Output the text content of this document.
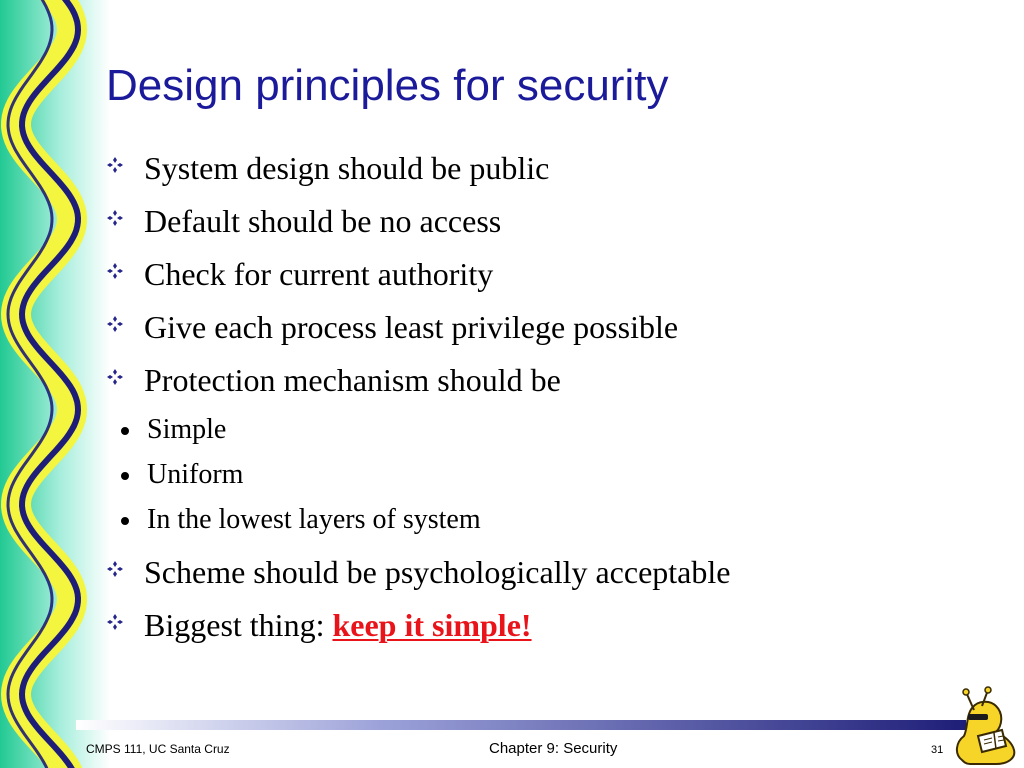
Design principles for security
System design should be public
Default should be no access
Check for current authority
Give each process least privilege possible
Protection mechanism should be
Simple
Uniform
In the lowest layers of system
Scheme should be psychologically acceptable
Biggest thing: keep it simple!
CMPS 111, UC Santa Cruz	Chapter 9: Security	31
